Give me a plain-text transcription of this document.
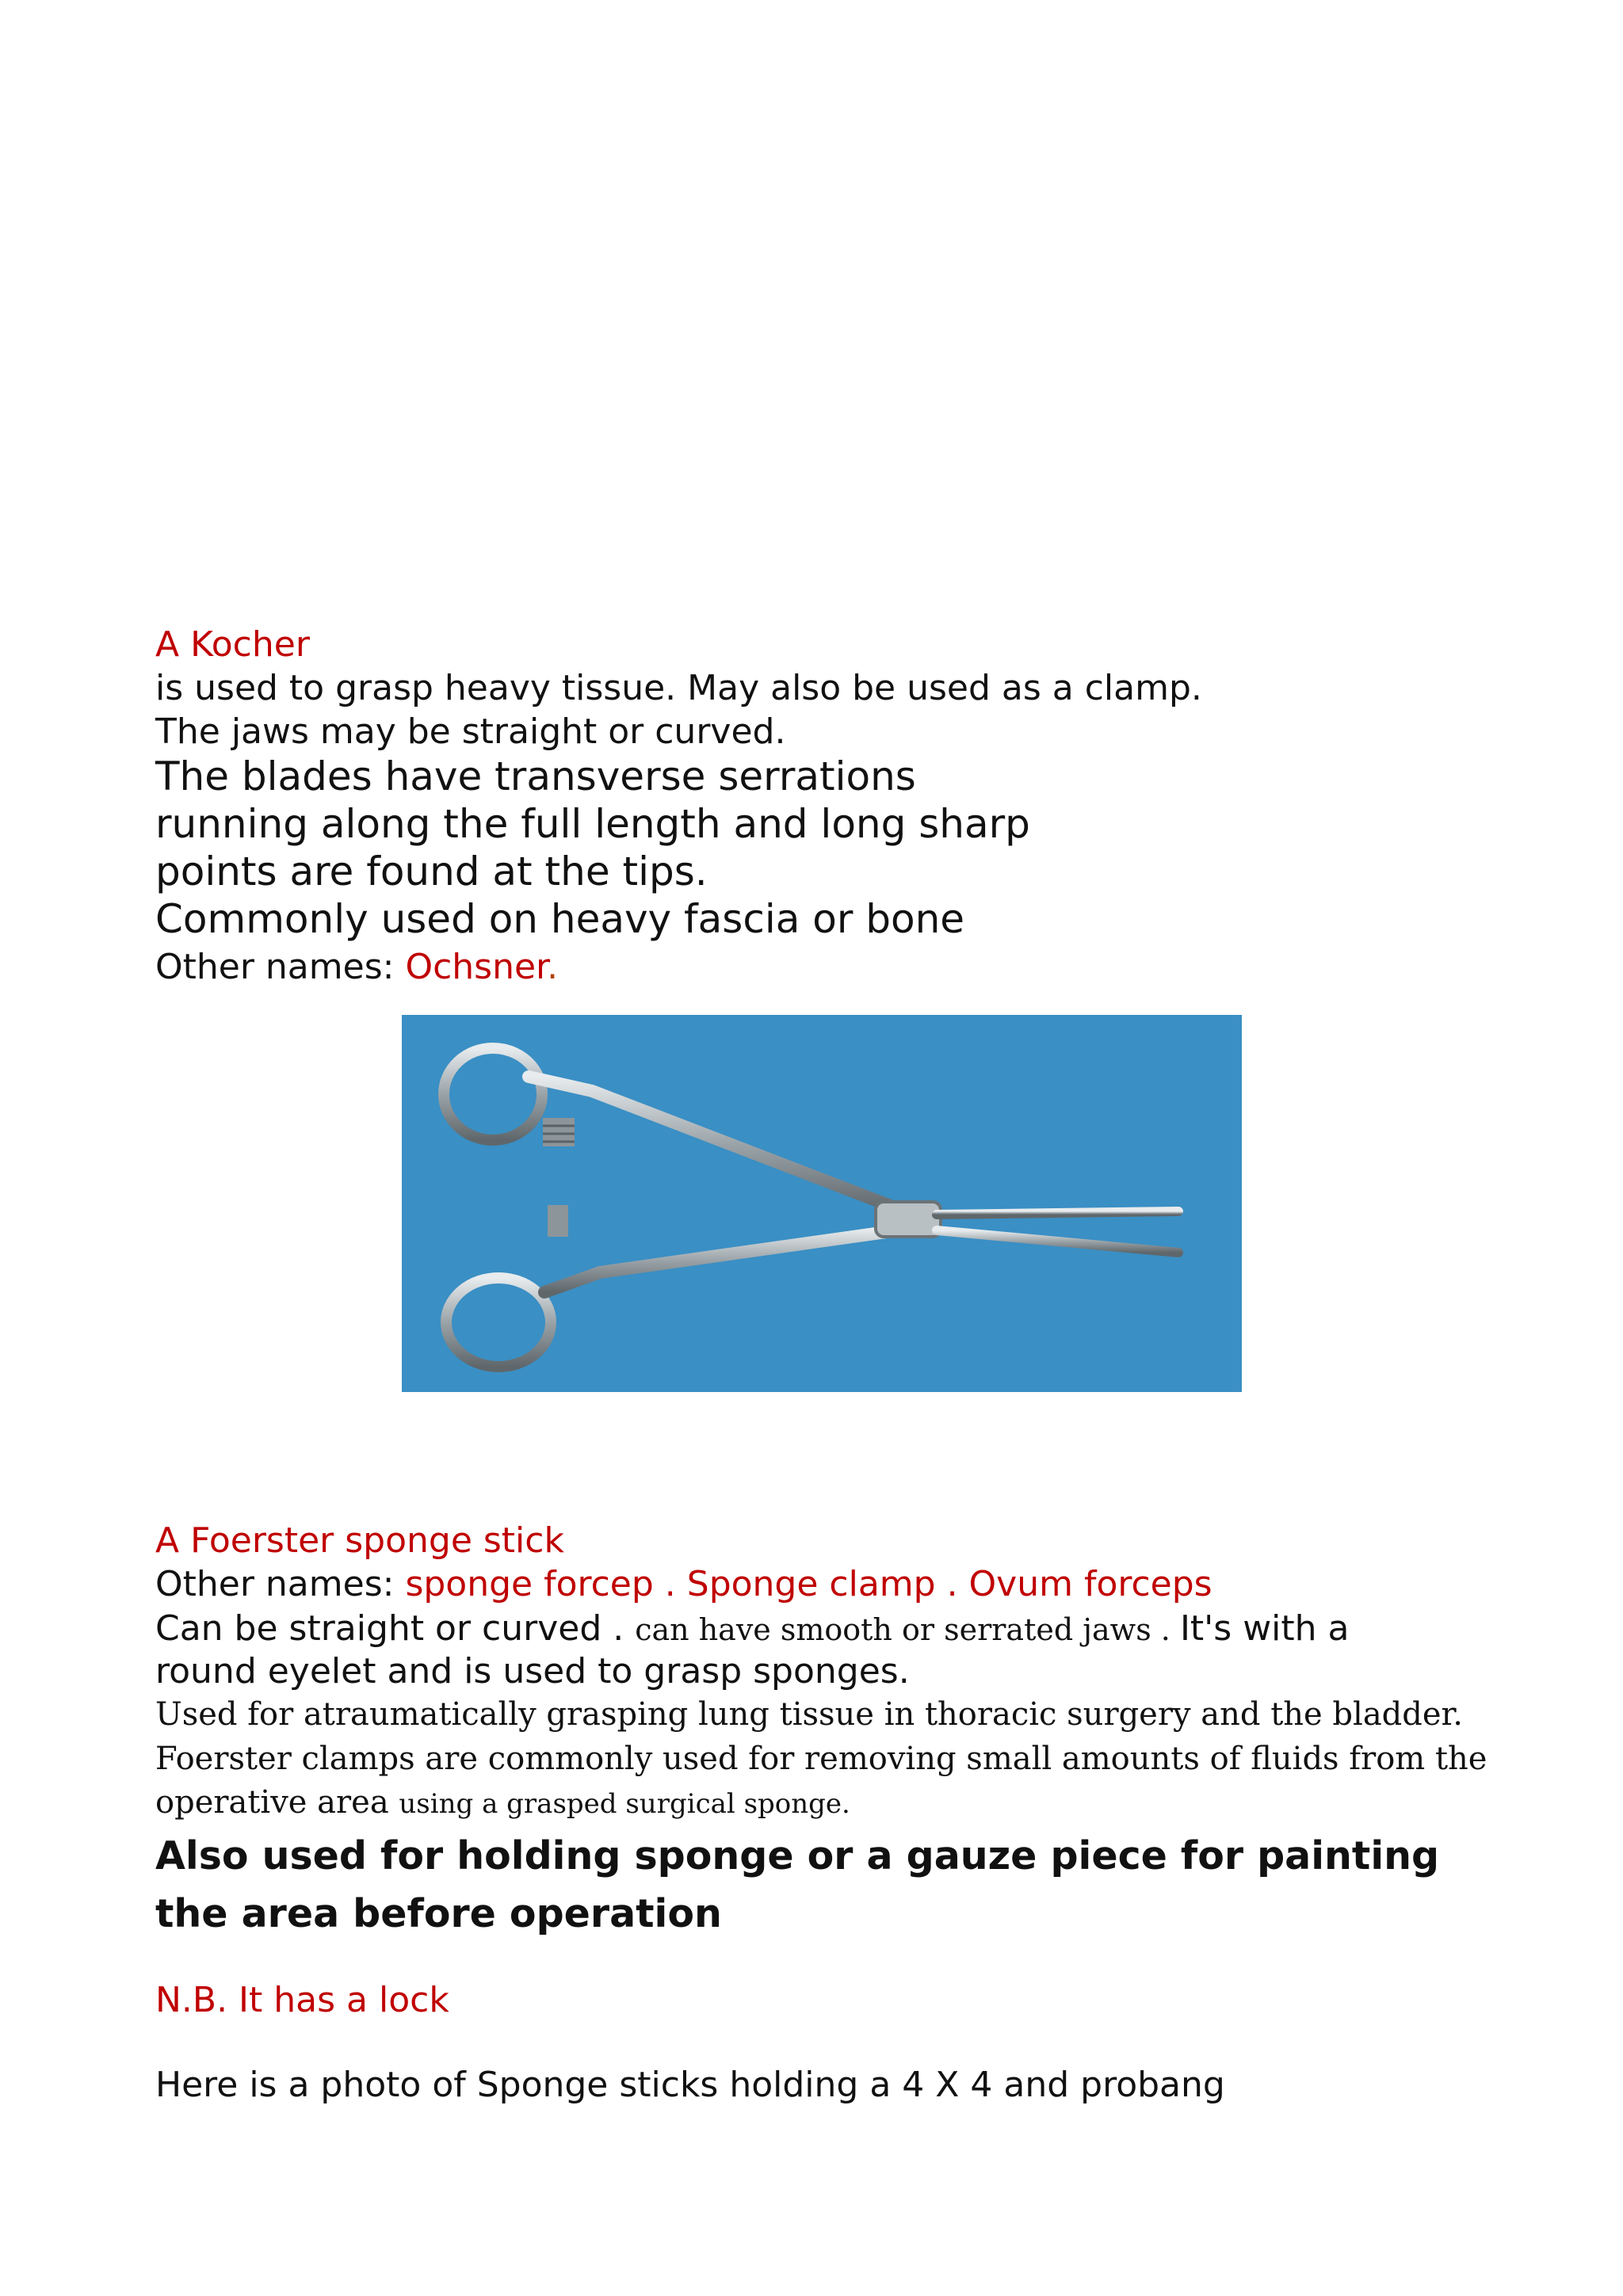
A Kocher
is used to grasp heavy tissue. May also be used as a clamp.
The jaws may be straight or curved.
The blades have transverse serrations
running along the full length and long sharp
points are found at the tips.
Commonly used on heavy fascia or bone
Other names: Ochsner.
A Foerster sponge stick
Other names: sponge forcep . Sponge clamp . Ovum forceps
Can be straight or curved . can have smooth or serrated jaws . It's with a
round eyelet and is used to grasp sponges.
Used for atraumatically grasping lung tissue in thoracic surgery and the bladder.
Foerster clamps are commonly used for removing small amounts of fluids from the
operative area using a grasped surgical sponge.
Also used for holding sponge or a gauze piece for painting
the area before operation
N.B. It has a lock
Here is a photo of Sponge sticks holding a 4 X 4 and probang
